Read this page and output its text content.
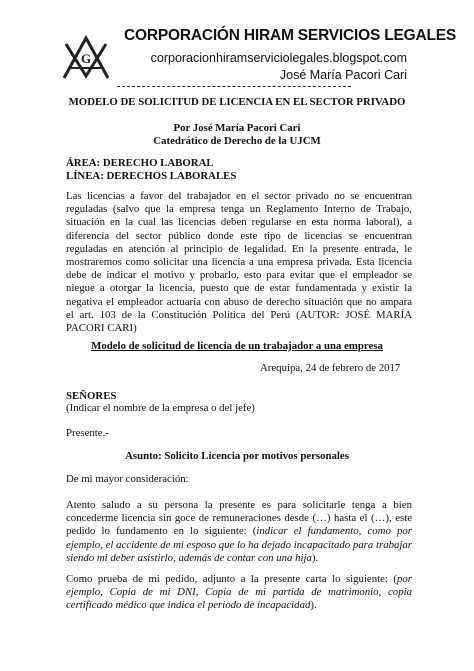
G
CORPORACIÓN HIRAM SERVICIOS LEGALES
corporacionhiramserviciolegales.blogspot.com
José María Pacori Cari
MODELO DE SOLICITUD DE LICENCIA EN EL SECTOR PRIVADO
Por José María Pacori Cari
Catedrático de Derecho de la UJCM
ÁREA: DERECHO LABORAL
LÍNEA: DERECHOS LABORALES
Las licencias a favor del trabajador en el sector privado no se encuentran reguladas (salvo que la empresa tenga un Reglamento Interno de Trabajo, situación en la cual las licencias deben regularse en esta norma laboral), a diferencia del sector público donde este tipo de licencias se encuentran reguladas en atención al principio de legalidad. En la presente entrada, le mostraremos como solicitar una licencia a una empresa privada. Esta licencia debe de indicar el motivo y probarlo, esto para evitar que el empleador se niegue a otorgar la licencia, puesto que de estar fundamentada y existir la negativa el empleador actuaría con abuso de derecho situación que no ampara el art. 103 de la Constitución Política del Perú (AUTOR: JOSÉ MARÍA PACORI CARI)
Modelo de solicitud de licencia de un trabajador a una empresa
Arequipa, 24 de febrero de 2017
SEÑORES
(Indicar el nombre de la empresa o del jefe)
Presente.-
Asunto: Solicito Licencia por motivos personales
De mi mayor consideración:
Atento saludo a su persona la presente es para solicitarle tenga a bien concederme licencia sin goce de remuneraciones desde (…) hasta el (…), este pedido lo fundamento en lo siguiente: (indicar el fundamento, como por ejemplo, el accidente de mi esposo que lo ha dejado incapacitado para trabajar siendo mi deber asistirlo, además de contar con una hija).
Como prueba de mi pedido, adjunto a la presente carta lo siguiente: (por ejemplo, Copia de mi DNI, Copia de mi partida de matrimonio, copia certificado médico que indica el periodo de incapacidad).
